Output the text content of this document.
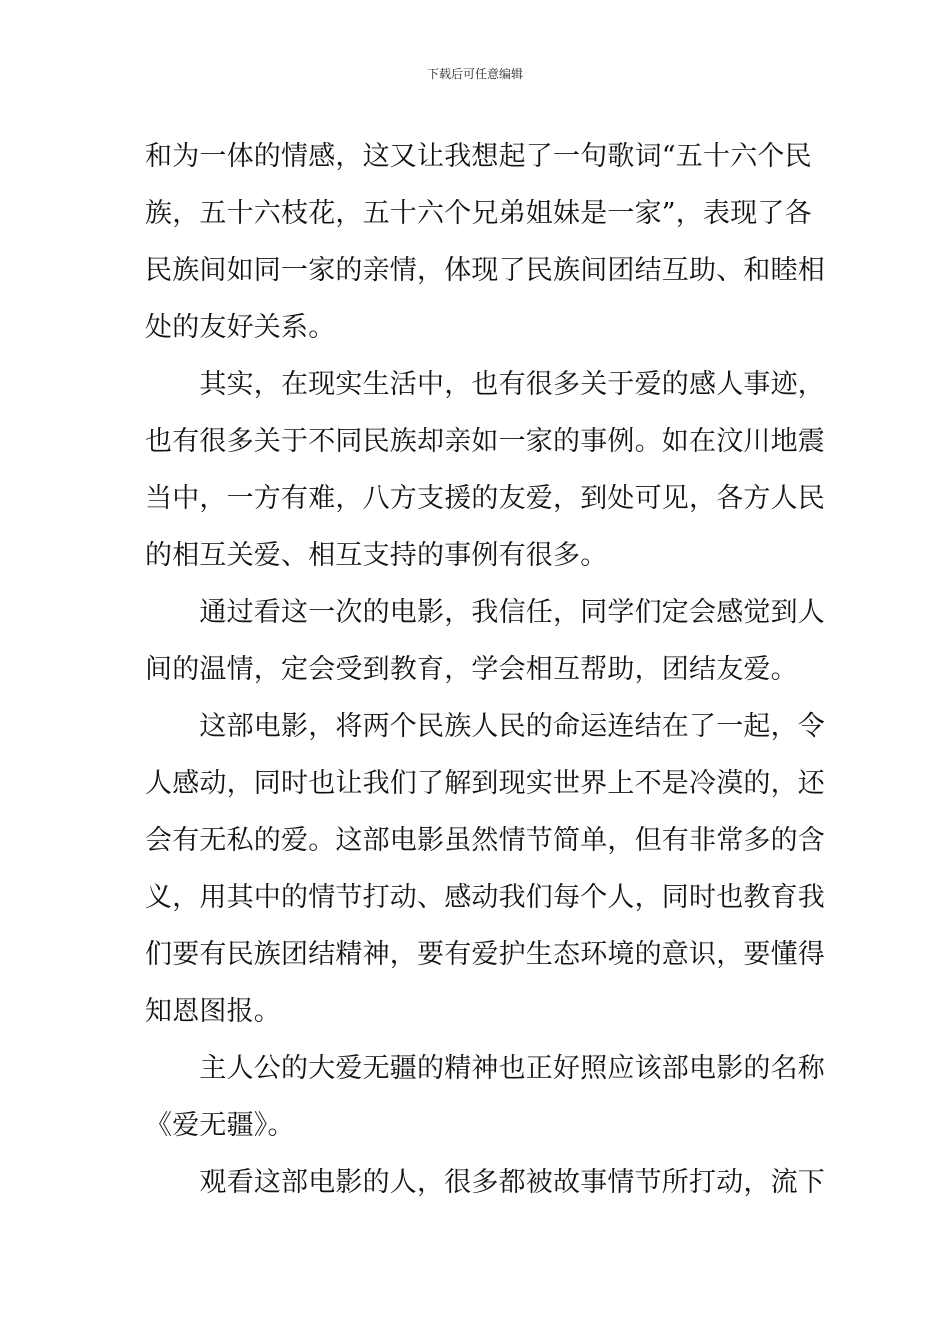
下载后可任意编辑
和为一体的情感，这又让我想起了一句歌词“五十六个民
族，五十六枝花，五十六个兄弟姐妹是一家”，表现了各
民族间如同一家的亲情，体现了民族间团结互助、和睦相
处的友好关系。
　　其实，在现实生活中，也有很多关于爱的感人事迹，
也有很多关于不同民族却亲如一家的事例。如在汶川地震
当中，一方有难，八方支援的友爱，到处可见，各方人民
的相互关爱、相互支持的事例有很多。
　　通过看这一次的电影，我信任，同学们定会感觉到人
间的温情，定会受到教育，学会相互帮助，团结友爱。
　　这部电影，将两个民族人民的命运连结在了一起，令
人感动，同时也让我们了解到现实世界上不是冷漠的，还
会有无私的爱。这部电影虽然情节简单，但有非常多的含
义，用其中的情节打动、感动我们每个人，同时也教育我
们要有民族团结精神，要有爱护生态环境的意识，要懂得
知恩图报。
　　主人公的大爱无疆的精神也正好照应该部电影的名称
《爱无疆》。
　　观看这部电影的人，很多都被故事情节所打动，流下
